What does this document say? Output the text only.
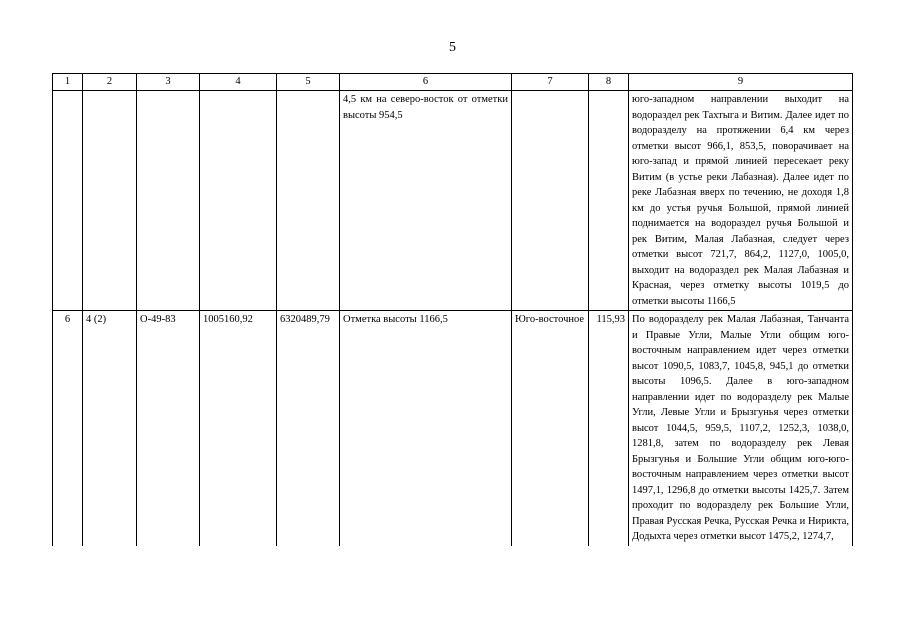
5
1	2	3	4	5	6	7	8	9
					4,5 км на северо-восток от отметки высоты 954,5			юго-западном направлении выходит на водораздел рек Тахтыга и Витим. Далее идет по водоразделу на протяжении 6,4 км через отметки высот 966,1, 853,5, поворачивает на юго-запад и прямой линией пересекает реку Витим (в устье реки Лабазная). Далее идет по реке Лабазная вверх по течению, не доходя 1,8 км до устья ручья Большой, прямой линией поднимается на водораздел ручья Большой и рек Витим, Малая Лабазная, следует через отметки высот 721,7, 864,2, 1127,0, 1005,0, выходит на водораздел рек Малая Лабазная и Красная, через отметку высоты 1019,5 до отметки высоты 1166,5
6	4 (2)	О-49-83	1005160,92	6320489,79	Отметка высоты 1166,5	Юго-восточное	115,93	По водоразделу рек Малая Лабазная, Танчанта и Правые Угли, Малые Угли общим юго-восточным направлением идет через отметки высот 1090,5, 1083,7, 1045,8, 945,1 до отметки высоты 1096,5. Далее в юго-западном направлении идет по водоразделу рек Малые Угли, Левые Угли и Брызгунья через отметки высот 1044,5, 959,5, 1107,2, 1252,3, 1038,0, 1281,8, затем по водоразделу рек Левая Брызгунья и Большие Угли общим юго-юго-восточным направлением через отметки высот 1497,1, 1296,8 до отметки высоты 1425,7. Затем проходит по водоразделу рек Большие Угли, Правая Русская Речка, Русская Речка и Нирикта, Додыхта через отметки высот 1475,2, 1274,7,
